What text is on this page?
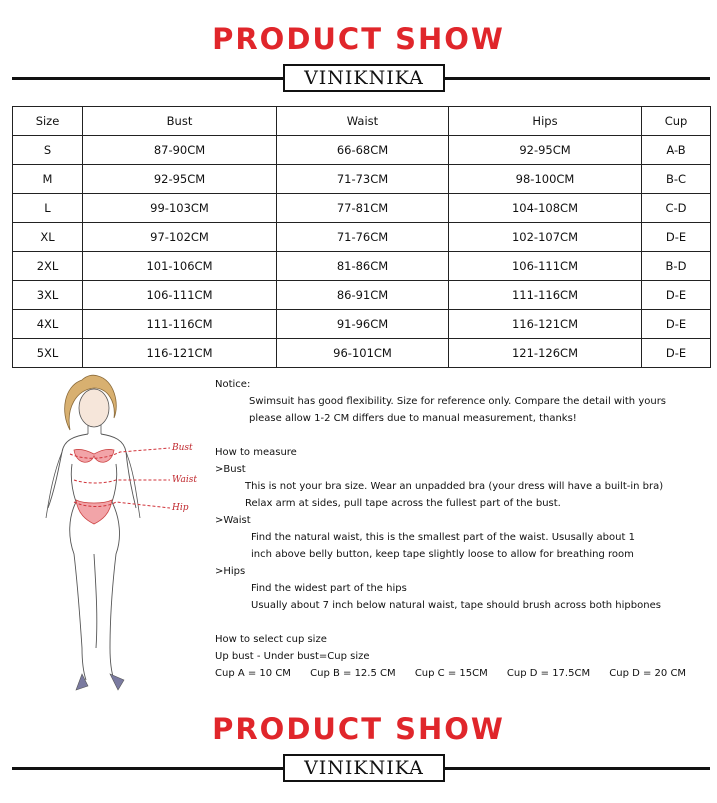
PRODUCT SHOW
VINIKNIKA
Size	Bust	Waist	Hips	Cup
S	87-90CM	66-68CM	92-95CM	A-B
M	92-95CM	71-73CM	98-100CM	B-C
L	99-103CM	77-81CM	104-108CM	C-D
XL	97-102CM	71-76CM	102-107CM	D-E
2XL	101-106CM	81-86CM	106-111CM	B-D
3XL	106-111CM	86-91CM	111-116CM	D-E
4XL	111-116CM	91-96CM	116-121CM	D-E
5XL	116-121CM	96-101CM	121-126CM	D-E
Bust
Waist
Hip
Notice:
Swimsuit has good flexibility. Size for reference only. Compare the detail with yours
please allow 1-2 CM differs due to manual measurement, thanks!
How to measure
>Bust
This is not your bra size. Wear an unpadded bra (your dress will have a built-in bra)
Relax arm at sides, pull tape across the fullest part of the bust.
>Waist
Find the natural waist, this is the smallest part of the waist. Ususally about 1
inch above belly button, keep tape slightly loose to allow for breathing room
>Hips
Find the widest part of the hips
Usually about 7 inch below natural waist, tape should brush across both hipbones
How to select cup size
Up bust - Under bust=Cup size
Cup A = 10 CM Cup B = 12.5 CM Cup C = 15CM Cup D = 17.5CM Cup D = 20 CM
PRODUCT SHOW
VINIKNIKA
